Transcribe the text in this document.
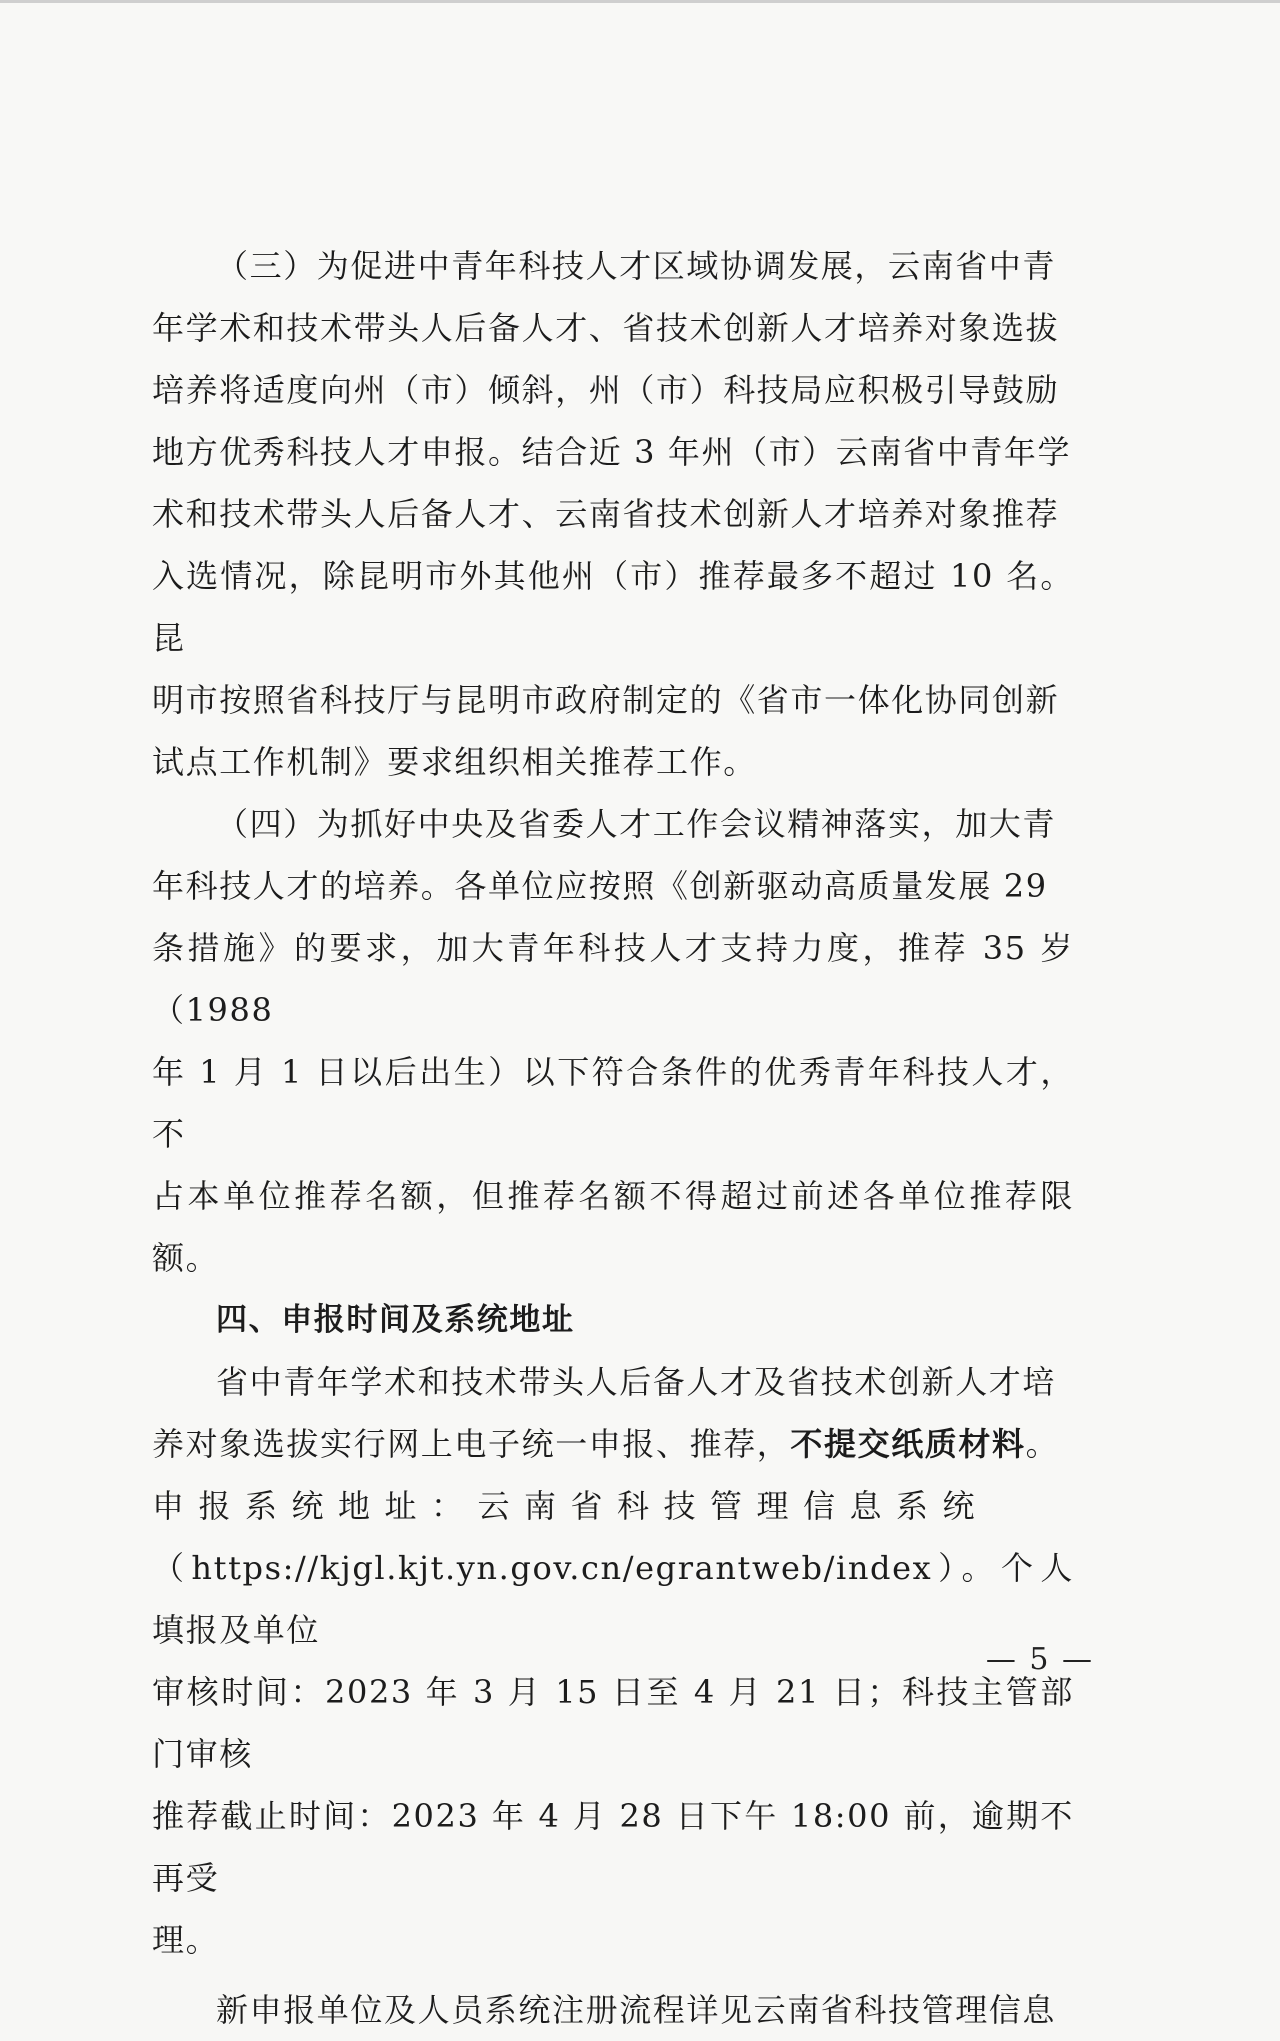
（三）为促进中青年科技人才区域协调发展，云南省中青
年学术和技术带头人后备人才、省技术创新人才培养对象选拔
培养将适度向州（市）倾斜，州（市）科技局应积极引导鼓励
地方优秀科技人才申报。结合近 3 年州（市）云南省中青年学
术和技术带头人后备人才、云南省技术创新人才培养对象推荐
入选情况，除昆明市外其他州（市）推荐最多不超过 10 名。昆
明市按照省科技厅与昆明市政府制定的《省市一体化协同创新
试点工作机制》要求组织相关推荐工作。

（四）为抓好中央及省委人才工作会议精神落实，加大青
年科技人才的培养。各单位应按照《创新驱动高质量发展 29
条措施》的要求，加大青年科技人才支持力度，推荐 35 岁（1988
年 1 月 1 日以后出生）以下符合条件的优秀青年科技人才，不
占本单位推荐名额，但推荐名额不得超过前述各单位推荐限额。

四、申报时间及系统地址

省中青年学术和技术带头人后备人才及省技术创新人才培
养对象选拔实行网上电子统一申报、推荐，不提交纸质材料。
申报系统地址：云南省科技管理信息系统
（https://kjgl.kjt.yn.gov.cn/egrantweb/index）。个人填报及单位
审核时间：2023 年 3 月 15 日至 4 月 21 日；科技主管部门审核
推荐截止时间：2023 年 4 月 28 日下午 18:00 前，逾期不再受
理。

新申报单位及人员系统注册流程详见云南省科技管理信息

— 5 —
